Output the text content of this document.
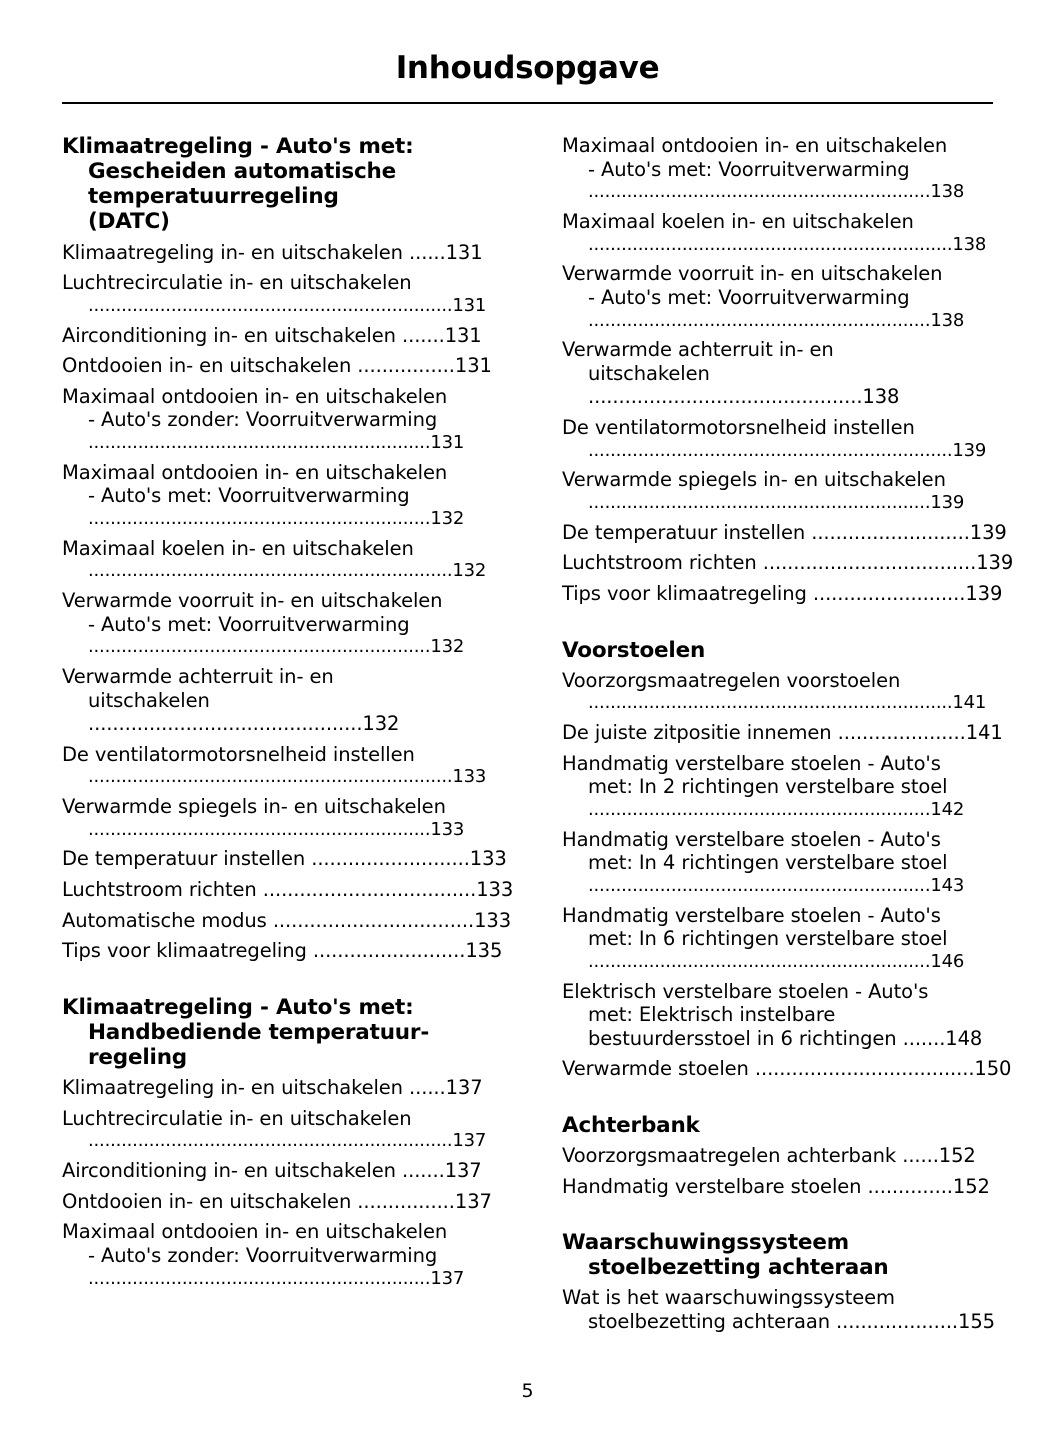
Inhoudsopgave
Klimaatregeling - Auto's met:
Gescheiden automatische
temperatuurregeling
(DATC)
Klimaatregeling in- en uitschakelen ......131
Luchtrecirculatie in- en uitschakelen
..................................................................131
Airconditioning in- en uitschakelen .......131
Ontdooien in- en uitschakelen ................131
Maximaal ontdooien in- en uitschakelen
- Auto's zonder: Voorruitverwarming
..............................................................131
Maximaal ontdooien in- en uitschakelen
- Auto's met: Voorruitverwarming
..............................................................132
Maximaal koelen in- en uitschakelen
..................................................................132
Verwarmde voorruit in- en uitschakelen
- Auto's met: Voorruitverwarming
..............................................................132
Verwarmde achterruit in- en
uitschakelen .............................................132
De ventilatormotorsnelheid instellen
..................................................................133
Verwarmde spiegels in- en uitschakelen
..............................................................133
De temperatuur instellen ..........................133
Luchtstroom richten ...................................133
Automatische modus .................................133
Tips voor klimaatregeling .........................135
Klimaatregeling - Auto's met:
Handbediende temperatuur-
regeling
Klimaatregeling in- en uitschakelen ......137
Luchtrecirculatie in- en uitschakelen
..................................................................137
Airconditioning in- en uitschakelen .......137
Ontdooien in- en uitschakelen ................137
Maximaal ontdooien in- en uitschakelen
- Auto's zonder: Voorruitverwarming
..............................................................137
Maximaal ontdooien in- en uitschakelen
- Auto's met: Voorruitverwarming
..............................................................138
Maximaal koelen in- en uitschakelen
..................................................................138
Verwarmde voorruit in- en uitschakelen
- Auto's met: Voorruitverwarming
..............................................................138
Verwarmde achterruit in- en
uitschakelen .............................................138
De ventilatormotorsnelheid instellen
..................................................................139
Verwarmde spiegels in- en uitschakelen
..............................................................139
De temperatuur instellen ..........................139
Luchtstroom richten ...................................139
Tips voor klimaatregeling .........................139
Voorstoelen
Voorzorgsmaatregelen voorstoelen
..................................................................141
De juiste zitpositie innemen .....................141
Handmatig verstelbare stoelen - Auto's
met: In 2 richtingen verstelbare stoel
..............................................................142
Handmatig verstelbare stoelen - Auto's
met: In 4 richtingen verstelbare stoel
..............................................................143
Handmatig verstelbare stoelen - Auto's
met: In 6 richtingen verstelbare stoel
..............................................................146
Elektrisch verstelbare stoelen - Auto's
met: Elektrisch instelbare
bestuurdersstoel in 6 richtingen .......148
Verwarmde stoelen ....................................150
Achterbank
Voorzorgsmaatregelen achterbank ......152
Handmatig verstelbare stoelen ..............152
Waarschuwingssysteem
stoelbezetting achteraan
Wat is het waarschuwingssysteem
stoelbezetting achteraan ....................155
5
